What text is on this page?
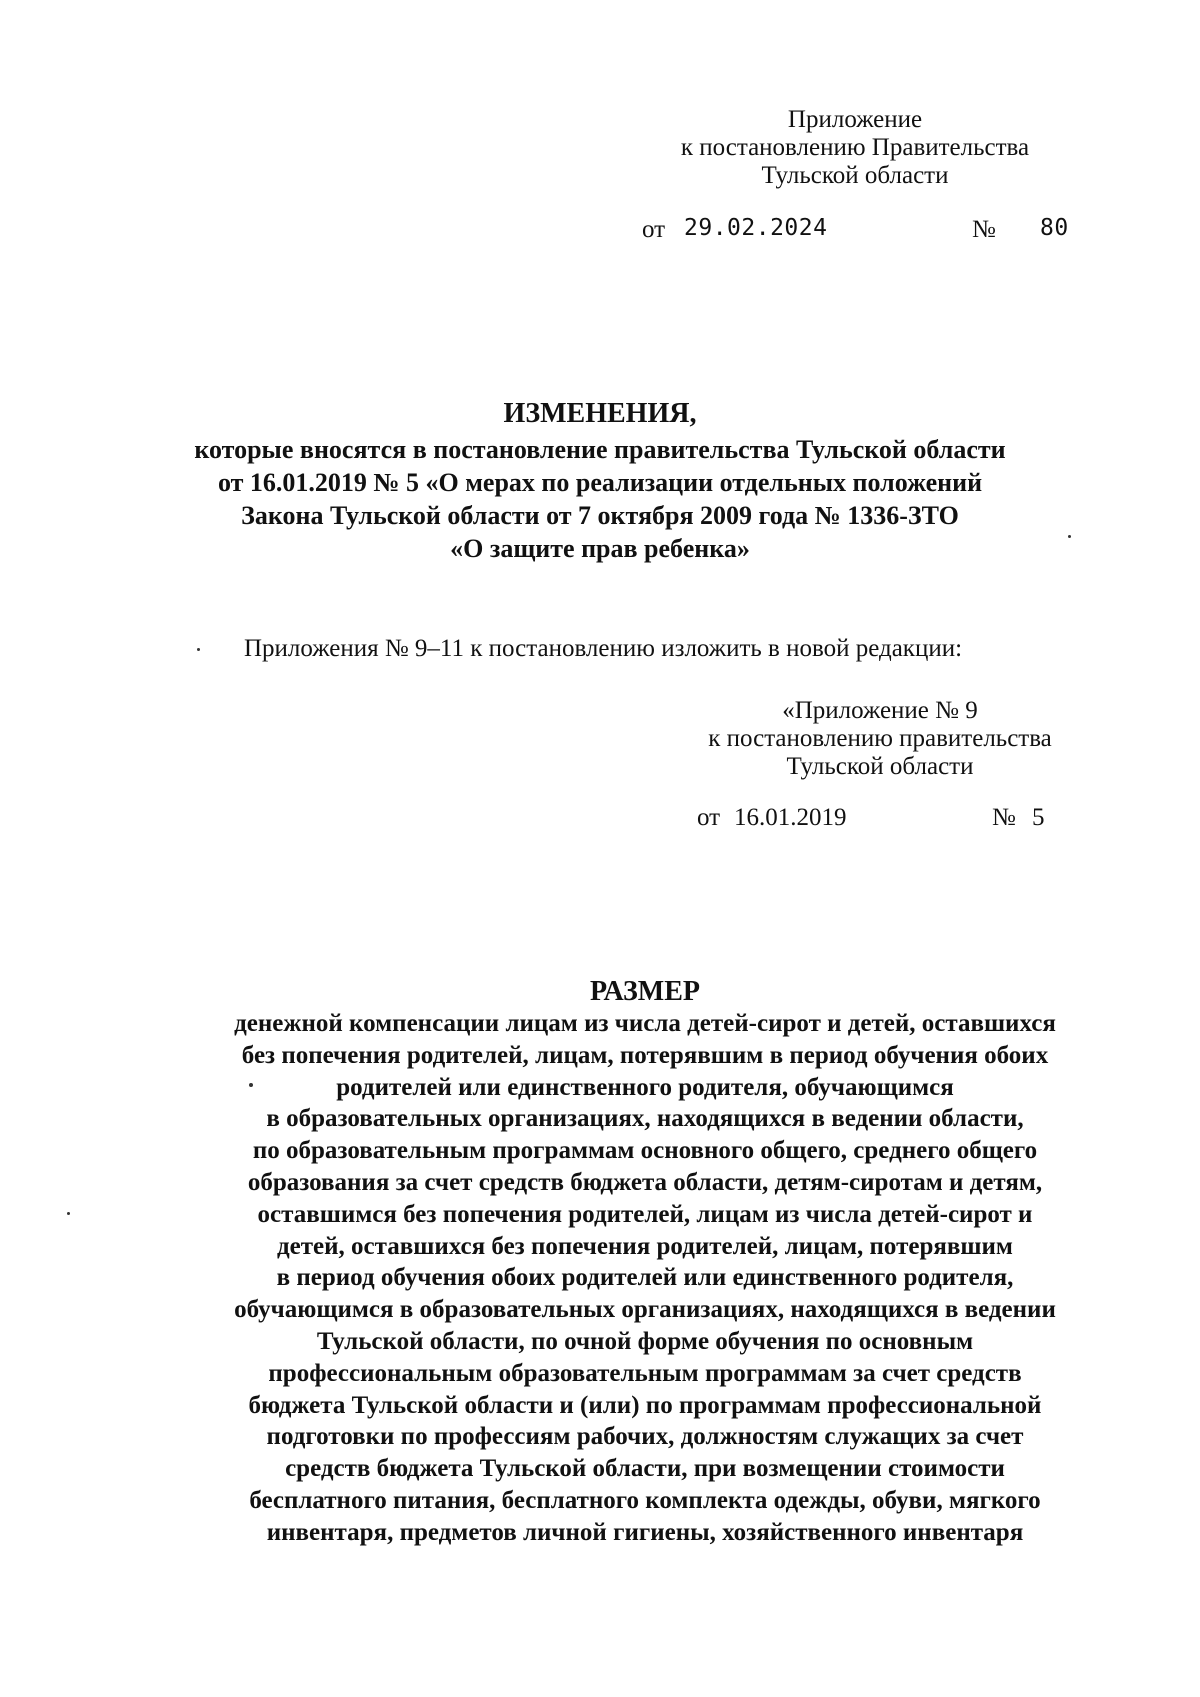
Приложение
к постановлению Правительства
Тульской области
от 29.02.2024	№ 80
ИЗМЕНЕНИЯ,
которые вносятся в постановление правительства Тульской области
от 16.01.2019 № 5 «О мерах по реализации отдельных положений
Закона Тульской области от 7 октября 2009 года № 1336-ЗТО
«О защите прав ребенка»
Приложения № 9–11 к постановлению изложить в новой редакции:
«Приложение № 9
к постановлению правительства
Тульской области
от 16.01.2019	№ 5
РАЗМЕР
денежной компенсации лицам из числа детей-сирот и детей, оставшихся
без попечения родителей, лицам, потерявшим в период обучения обоих
родителей или единственного родителя, обучающимся
в образовательных организациях, находящихся в ведении области,
по образовательным программам основного общего, среднего общего
образования за счет средств бюджета области, детям-сиротам и детям,
оставшимся без попечения родителей, лицам из числа детей-сирот и
детей, оставшихся без попечения родителей, лицам, потерявшим
в период обучения обоих родителей или единственного родителя,
обучающимся в образовательных организациях, находящихся в ведении
Тульской области, по очной форме обучения по основным
профессиональным образовательным программам за счет средств
бюджета Тульской области и (или) по программам профессиональной
подготовки по профессиям рабочих, должностям служащих за счет
средств бюджета Тульской области, при возмещении стоимости
бесплатного питания, бесплатного комплекта одежды, обуви, мягкого
инвентаря, предметов личной гигиены, хозяйственного инвентаря
